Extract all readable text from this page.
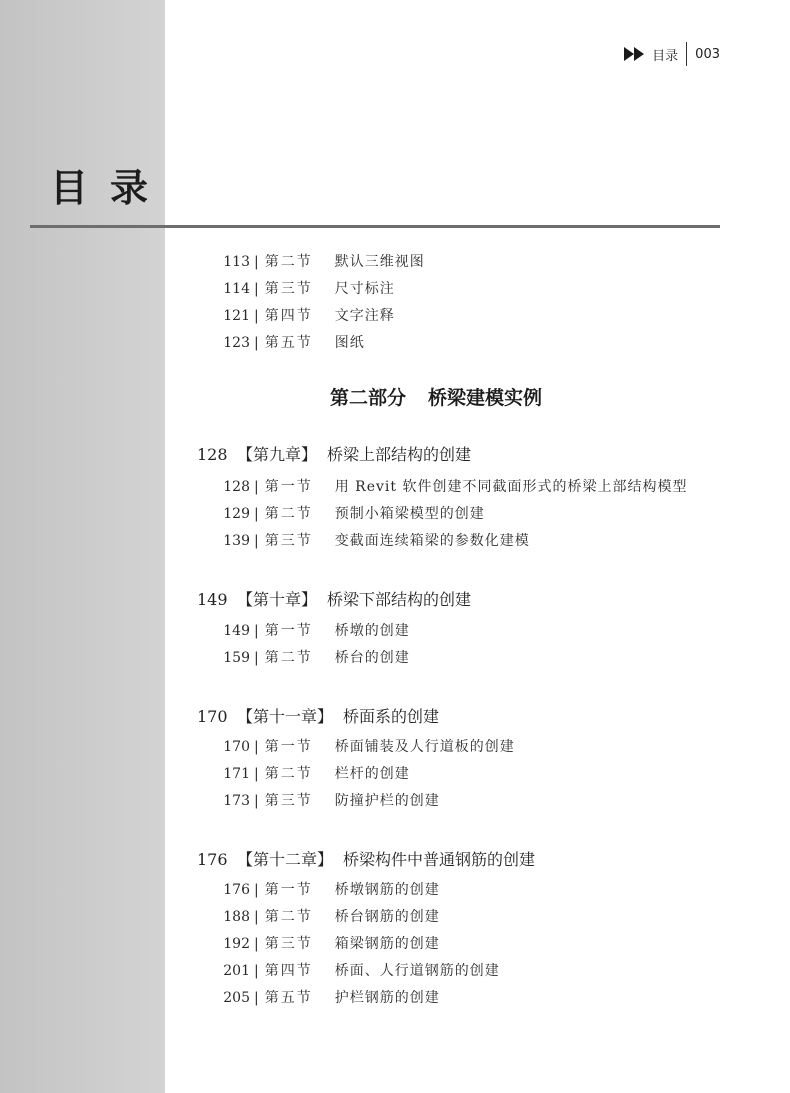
目录 003
目录
113 | 第二节 默认三维视图
114 | 第三节 尺寸标注
121 | 第四节 文字注释
123 | 第五节 图纸
第二部分 桥梁建模实例
128 【第九章】 桥梁上部结构的创建
128 | 第一节 用 Revit 软件创建不同截面形式的桥梁上部结构模型
129 | 第二节 预制小箱梁模型的创建
139 | 第三节 变截面连续箱梁的参数化建模
149 【第十章】 桥梁下部结构的创建
149 | 第一节 桥墩的创建
159 | 第二节 桥台的创建
170 【第十一章】 桥面系的创建
170 | 第一节 桥面铺装及人行道板的创建
171 | 第二节 栏杆的创建
173 | 第三节 防撞护栏的创建
176 【第十二章】 桥梁构件中普通钢筋的创建
176 | 第一节 桥墩钢筋的创建
188 | 第二节 桥台钢筋的创建
192 | 第三节 箱梁钢筋的创建
201 | 第四节 桥面、人行道钢筋的创建
205 | 第五节 护栏钢筋的创建
